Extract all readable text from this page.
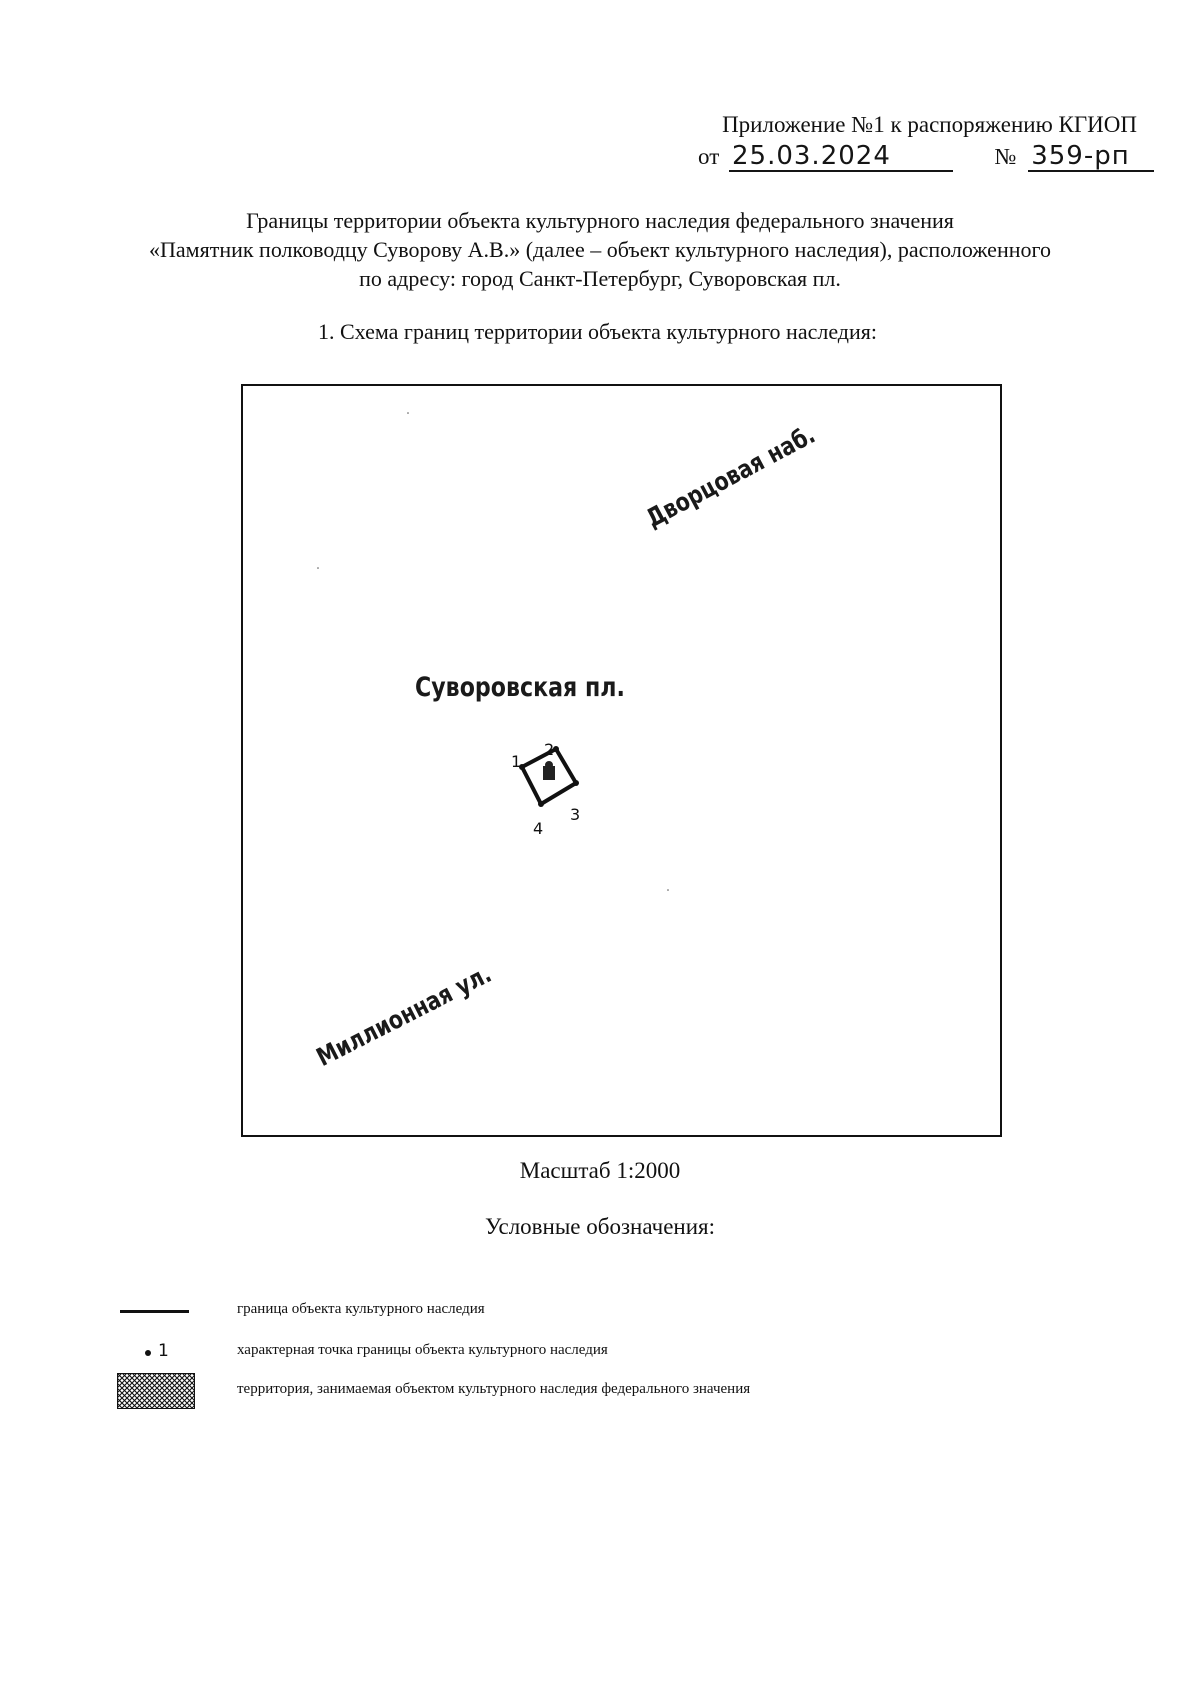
Приложение №1 к распоряжению КГИОП
от 25.03.2024	№ 359-рп
Границы территории объекта культурного наследия федерального значения
«Памятник полководцу Суворову А.В.» (далее – объект культурного наследия), расположенного
по адресу: город Санкт-Петербург, Суворовская пл.
1. Схема границ территории объекта культурного наследия:
Дворцовая наб.
Суворовская пл.
Миллионная ул.
1
2
3
4
Масштаб 1:2000
Условные обозначения:
граница объекта культурного наследия
1	характерная точка границы объекта культурного наследия
территория, занимаемая объектом культурного наследия федерального значения
